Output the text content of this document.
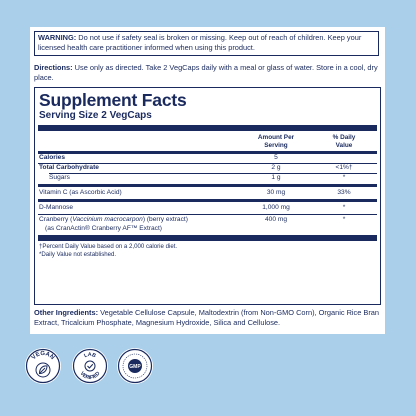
WARNING: Do not use if safety seal is broken or missing. Keep out of reach of children. Keep your licensed health care practitioner informed when using this product.
Directions: Use only as directed. Take 2 VegCaps daily with a meal or glass of water. Store in a cool, dry place.
Supplement Facts
Serving Size 2 VegCaps
Amount Per
Serving
% Daily
Value
Calories	5
Total Carbohydrate	2 g	<1%†
Sugars	1 g	*
Vitamin C (as Ascorbic Acid)	30 mg	33%
D-Mannose	1,000 mg	*
Cranberry (Vaccinium macrocarpon) (berry extract)
(as CranActin® Cranberry AF™ Extract)
400 mg	*
†Percent Daily Value based on a 2,000 calorie diet.
*Daily Value not established.
Other Ingredients: Vegetable Cellulose Capsule, Maltodextrin (from Non-GMO Corn), Organic Rice Bran Extract, Tricalcium Phosphate, Magnesium Hydroxide, Silica and Cellulose.
VEGAN	LAB
VERIFIED
GMP
